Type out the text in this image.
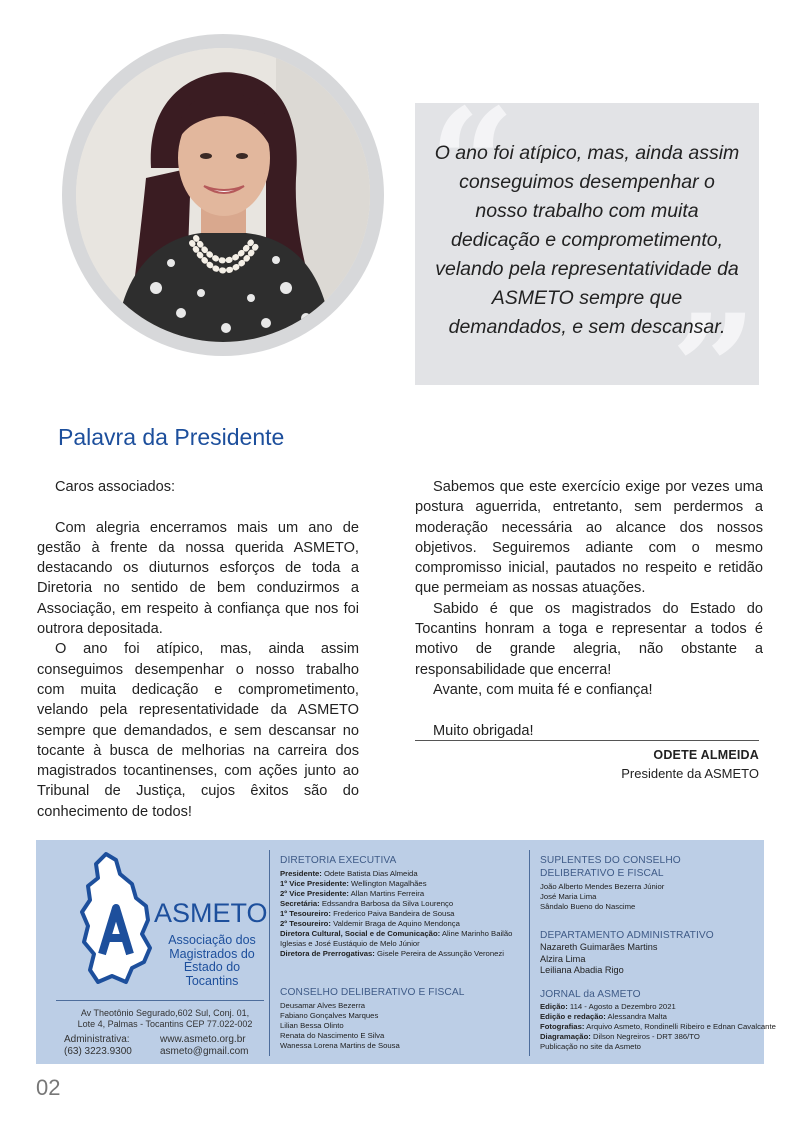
“
”
O ano foi atípico, mas, ainda assim conseguimos desempenhar o nosso trabalho com muita dedicação e comprometimento, velando pela representatividade da ASMETO sempre que demandados, e sem descansar.
Palavra da Presidente

Caros associados:

Com alegria encerramos mais um ano de gestão à frente da nossa querida ASMETO, destacando os diuturnos esforços de toda a Diretoria no sentido de bem conduzirmos a Associação, em respeito à confiança que nos foi outrora depositada.

O ano foi atípico, mas, ainda assim conseguimos desempenhar o nosso trabalho com muita dedicação e comprometimento, velando pela representatividade da ASMETO sempre que demandados, e sem descansar no tocante à busca de melhorias na carreira dos magistrados tocantinenses, com ações junto ao Tribunal de Justiça, cujos êxitos são do conhecimento de todos!

Sabemos que este exercício exige por vezes uma postura aguerrida, entretanto, sem perdermos a moderação necessária ao alcance dos nossos objetivos. Seguiremos adiante com o mesmo compromisso inicial, pautados no respeito e retidão que permeiam as nossas atuações.

Sabido é que os magistrados do Estado do Tocantins honram a toga e representar a todos é motivo de grande alegria, não obstante a responsabilidade que encerra!

Avante, com muita fé e confiança!

Muito obrigada!

ODETE ALMEIDA
Presidente da ASMETO
ASMETO
Associação dos Magistrados do Estado do Tocantins
Av Theotônio Segurado,602 Sul, Conj. 01,
Lote 4, Palmas - Tocantins CEP 77.022-002
Administrativa:
(63) 3223.9300
www.asmeto.org.br
asmeto@gmail.com
DIRETORIA EXECUTIVA
Presidente: Odete Batista Dias Almeida
1º Vice Presidente: Wellington Magalhães
2º Vice Presidente: Allan Martins Ferreira
Secretária: Edssandra Barbosa da Silva Lourenço
1º Tesoureiro: Frederico Paiva Bandeira de Sousa
2º Tesoureiro: Valdemir Braga de Aquino Mendonça
Diretora Cultural, Social e de Comunicação: Aline Marinho Bailão
Iglesias e José Eustáquio de Melo Júnior
Diretora de Prerrogativas: Gisele Pereira de Assunção Veronezi
CONSELHO DELIBERATIVO E FISCAL
Deusamar Alves Bezerra
Fabiano Gonçalves Marques
Lilian Bessa Olinto
Renata do Nascimento E Silva
Wanessa Lorena Martins de Sousa
SUPLENTES DO CONSELHO
DELIBERATIVO E FISCAL
João Alberto Mendes Bezerra Júnior
José Maria Lima
Sândalo Bueno do Nascime
DEPARTAMENTO ADMINISTRATIVO
Nazareth Guimarães Martins
Alzira Lima
Leiliana Abadia Rigo
JORNAL da ASMETO
Edição: 114 - Agosto a Dezembro 2021
Edição e redação: Alessandra Malta
Fotografias: Arquivo Asmeto, Rondinelli Ribeiro e Ednan Cavalcante
Diagramação: Dilson Negreiros - DRT 386/TO
Publicação no site da Asmeto
02
